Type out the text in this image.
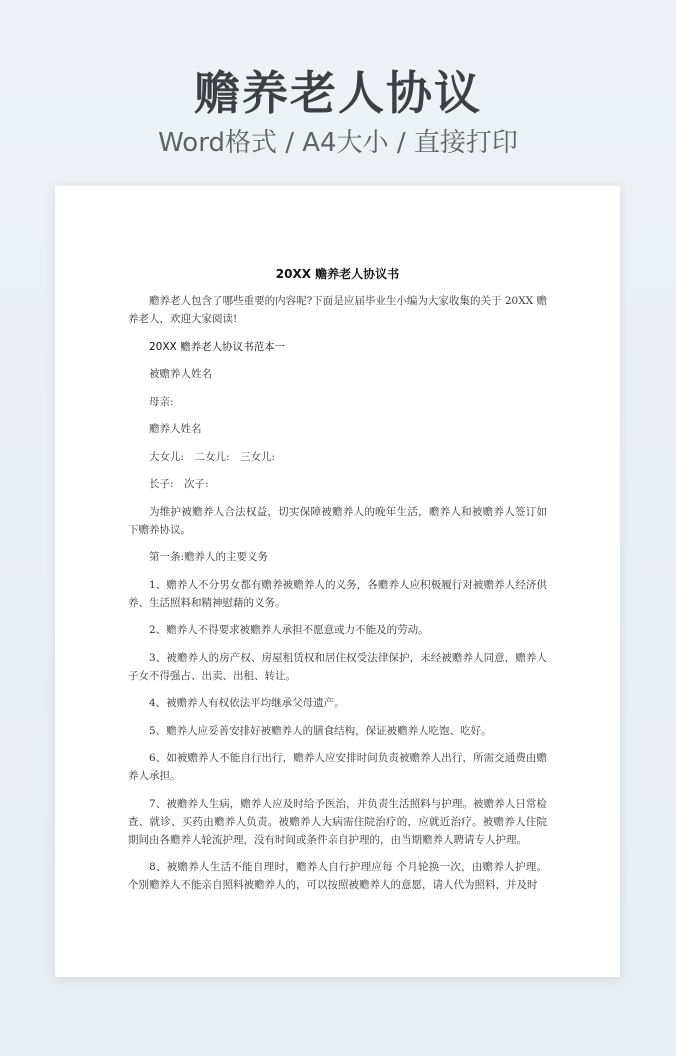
赡养老人协议
Word格式 / A4大小 / 直接打印
20XX 赡养老人协议书

赡养老人包含了哪些重要的内容呢?下面是应届毕业生小编为大家收集的关于 20XX 赡养老人，欢迎大家阅读!

20XX 赡养老人协议书范本一

被赡养人姓名

母亲:

赡养人姓名

大女儿:　二女儿:　三女儿:

长子:　次子:

为维护被赡养人合法权益，切实保障被赡养人的晚年生活，赡养人和被赡养人签订如下赡养协议。

第一条:赡养人的主要义务

1、赡养人不分男女都有赡养被赡养人的义务，各赡养人应积极履行对被赡养人经济供养、生活照料和精神慰藉的义务。

2、赡养人不得要求被赡养人承担不愿意或力不能及的劳动。

3、被赡养人的房产权、房屋租赁权和居住权受法律保护，未经被赡养人同意，赡养人子女不得强占、出卖、出租、转让。

4、被赡养人有权依法平均继承父母遗产。

5、赡养人应妥善安排好被赡养人的膳食结构，保证被赡养人吃饱、吃好。

6、如被赡养人不能自行出行，赡养人应安排时间负责被赡养人出行，所需交通费由赡养人承担。

7、被赡养人生病，赡养人应及时给予医治，并负责生活照料与护理。被赡养人日常检查、就诊、买药由赡养人负责。被赡养人大病需住院治疗的，应就近治疗。被赡养人住院期间由各赡养人轮流护理，没有时间或条件亲自护理的，由当期赡养人聘请专人护理。

8、被赡养人生活不能自理时，赡养人自行护理应每 个月轮换一次，由赡养人护理。个别赡养人不能亲自照料被赡养人的，可以按照被赡养人的意愿，请人代为照料，并及时
